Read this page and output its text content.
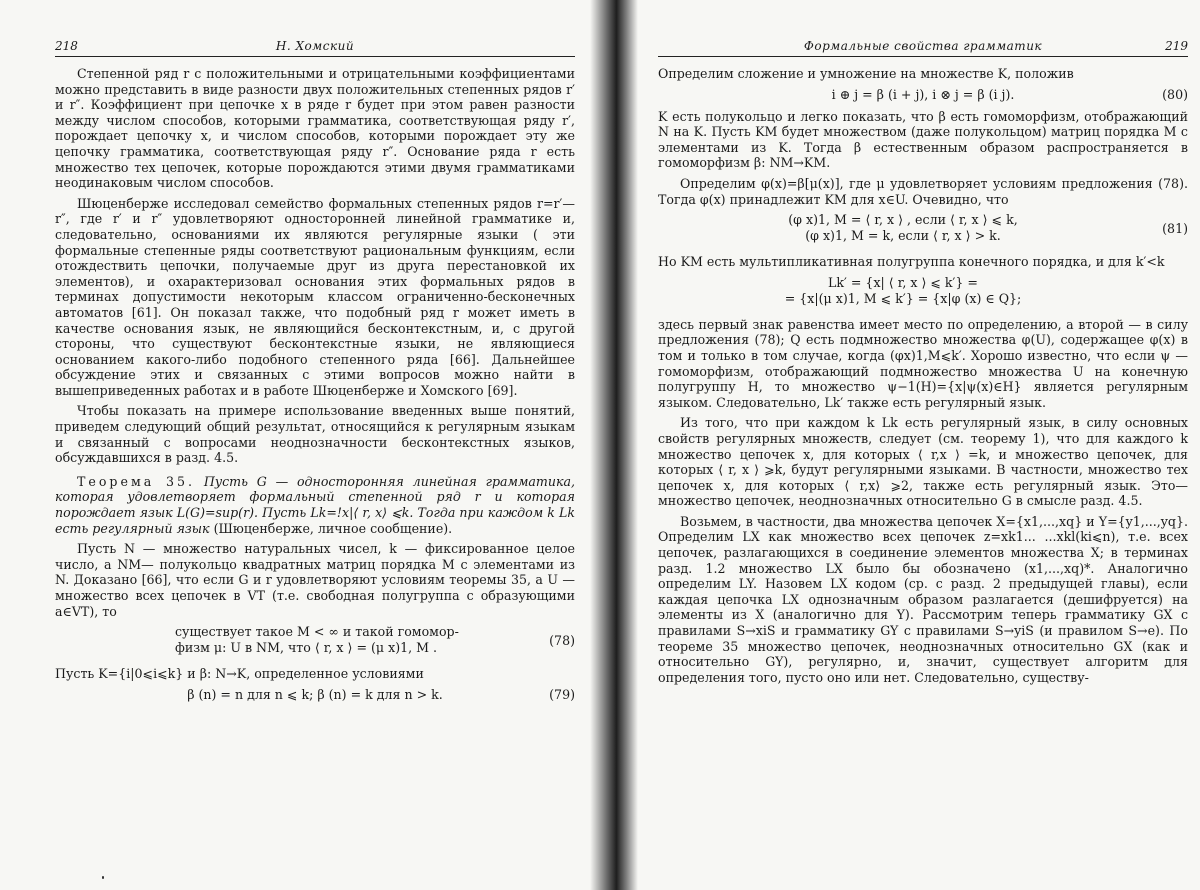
218	Н. Хомский

Степенной ряд r с положительными и отрицательными коэффициентами можно представить в виде разности двух положительных степенных рядов r′ и r″. Коэффициент при цепочке x в ряде r будет при этом равен разности между числом способов, которыми грамматика, соответствующая ряду r′, порождает цепочку x, и числом способов, которыми порождает эту же цепочку грамматика, соответствующая ряду r″. Основание ряда r есть множество тех цепочек, которые порождаются этими двумя грамматиками неодинаковым числом способов.

Шюценберже исследовал семейство формальных степенных рядов r=r′—r″, где r′ и r″ удовлетворяют односторонней линейной грамматике и, следовательно, основаниями их являются регулярные языки ( эти формальные степенные ряды соответствуют рациональным функциям, если отождествить цепочки, получаемые друг из друга перестановкой их элементов), и охарактеризовал основания этих формальных рядов в терминах допустимости некоторым классом ограниченно-бесконечных автоматов [61]. Он показал также, что подобный ряд r может иметь в качестве основания язык, не являющийся бесконтекстным, и, с другой стороны, что существуют бесконтекстные языки, не являющиеся основанием какого-либо подобного степенного ряда [66]. Дальнейшее обсуждение этих и связанных с этими вопросов можно найти в вышеприведенных работах и в работе Шюценберже и Хомского [69].

Чтобы показать на примере использование введенных выше понятий, приведем следующий общий результат, относящийся к регулярным языкам и связанный с вопросами неоднозначности бесконтекстных языков, обсуждавшихся в разд. 4.5.

Теорема 35. Пусть G — односторонняя линейная грамматика, которая удовлетворяет формальный степенной ряд r и которая порождает язык L(G)=sup(r). Пусть Lk=!x|⟨ r, x⟩ ⩽k. Тогда при каждом k Lk есть регулярный язык (Шюценберже, личное сообщение).

Пусть N — множество натуральных чисел, k — фиксированное целое число, а NM— полукольцо квадратных матриц порядка M с элементами из N. Доказано [66], что если G и r удовлетворяют условиям теоремы 35, а U — множество всех цепочек в VT (т.е. свободная полугруппа с образующими a∈VT), то

существует такое M < ∞ и такой гомомор-
физм μ: U в NM, что ⟨ r, x ⟩ = (μ x)1, M .	(78)

Пусть K={i|0⩽i⩽k} и β: N→K, определенное условиями

β (n) = n для n ⩽ k; β (n) = k для n > k.	(79)
Формальные свойства грамматик	219

Определим сложение и умножение на множестве K, положив

i ⊕ j = β (i + j), i ⊗ j = β (i j).	(80)

K есть полукольцо и легко показать, что β есть гомоморфизм, отображающий N на K. Пусть KM будет множеством (даже полукольцом) матриц порядка M с элементами из K. Тогда β естественным образом распространяется в гомоморфизм β: NM→KM.

Определим φ(x)=β[μ(x)], где μ удовлетворяет условиям предложения (78). Тогда φ(x) принадлежит KM для x∈U. Очевидно, что

(φ x)1, M = ⟨ r, x ⟩ , если ⟨ r, x ⟩ ⩽ k,
(φ x)1, M = k, если ⟨ r, x ⟩ > k.	(81)

Но KM есть мультипликативная полугруппа конечного порядка, и для k′<k

Lk′ = {x| ⟨ r, x ⟩ ⩽ k′} =
= {x|(μ x)1, M ⩽ k′} = {x|φ (x) ∈ Q};

здесь первый знак равенства имеет место по определению, а второй — в силу предложения (78); Q есть подмножество множества φ(U), содержащее φ(x) в том и только в том случае, когда (φx)1,M⩽k′. Хорошо известно, что если ψ — гомоморфизм, отображающий подмножество множества U на конечную полугруппу H, то множество ψ−1(H)={x|ψ(x)∈H} является регулярным языком. Следовательно, Lk′ также есть регулярный язык.

Из того, что при каждом k Lk есть регулярный язык, в силу основных свойств регулярных множеств, следует (см. теорему 1), что для каждого k множество цепочек x, для которых ⟨ r,x ⟩ =k, и множество цепочек, для которых ⟨ r, x ⟩ ⩾k, будут регулярными языками. В частности, множество тех цепочек x, для которых ⟨ r,x⟩ ⩾2, также есть регулярный язык. Это—множество цепочек, неоднозначных относительно G в смысле разд. 4.5.

Возьмем, в частности, два множества цепочек X={x1,...,xq} и Y={y1,...,yq}. Определим LX как множество всех цепочек z=xk1... ...xkl(ki⩽n), т.е. всех цепочек, разлагающихся в соединение элементов множества X; в терминах разд. 1.2 множество LX было бы обозначено (x1,...,xq)*. Аналогично определим LY. Назовем LX кодом (ср. с разд. 2 предыдущей главы), если каждая цепочка LX однозначным образом разлагается (дешифруется) на элементы из X (аналогично для Y). Рассмотрим теперь грамматику GX с правилами S→xiS и грамматику GY с правилами S→yiS (и правилом S→e). По теореме 35 множество цепочек, неоднозначных относительно GX (как и относительно GY), регулярно, и, значит, существует алгоритм для определения того, пусто оно или нет. Следовательно, существу-
